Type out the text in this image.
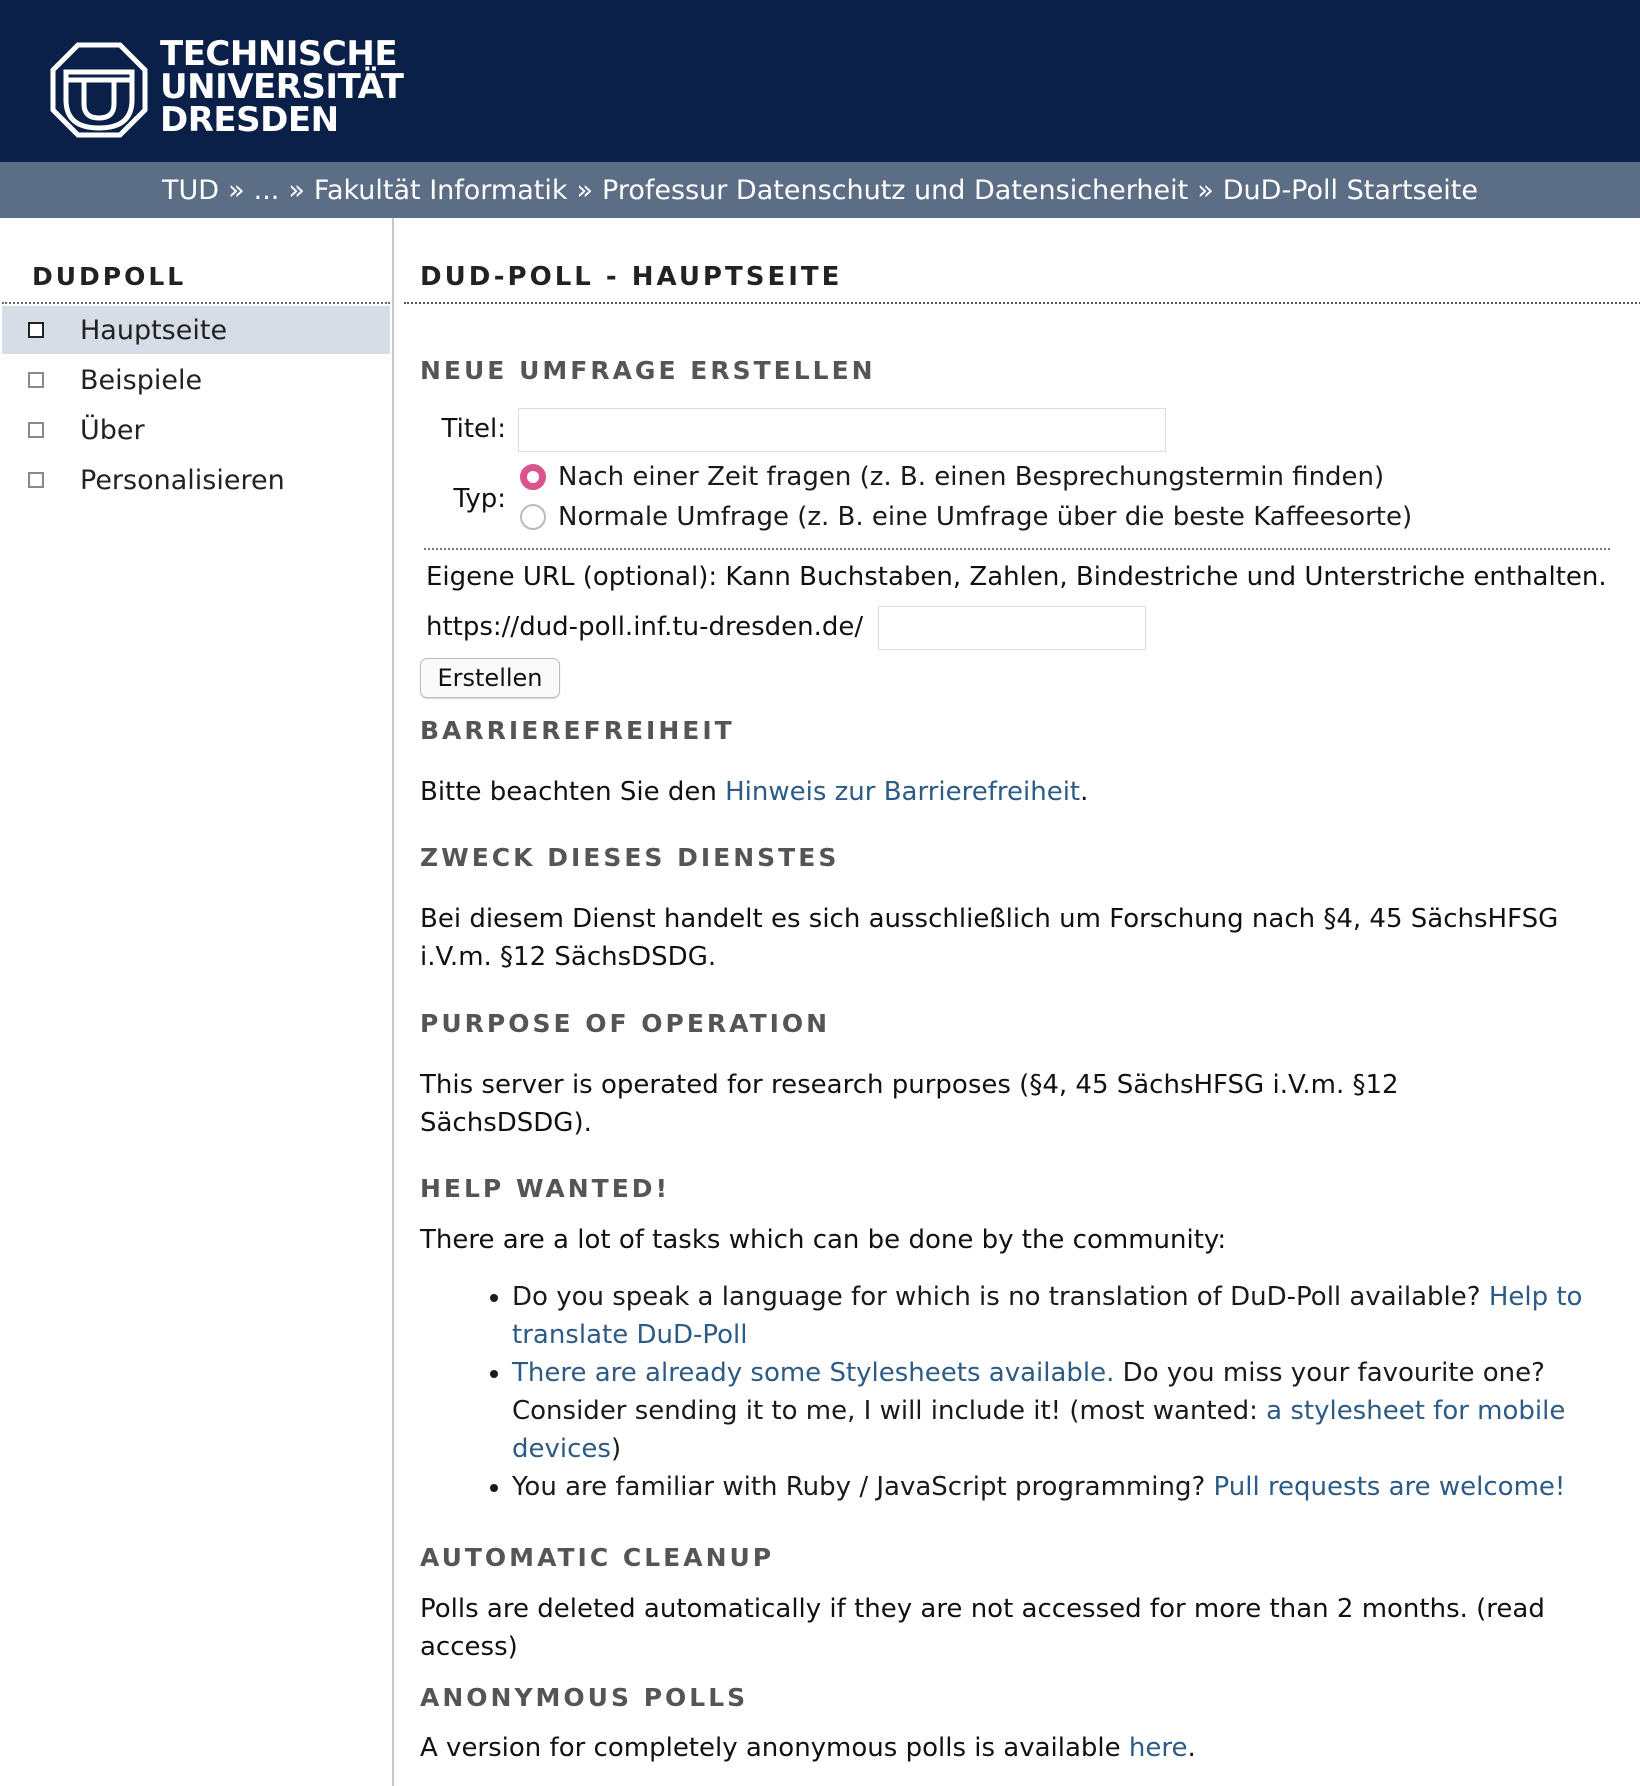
TECHNISCHE
UNIVERSITÄT
DRESDEN
TUD » ... » Fakultät Informatik » Professur Datenschutz und Datensicherheit » DuD-Poll Startseite
DUDPOLL
Hauptseite
Beispiele
Über
Personalisieren
DUD-POLL - HAUPTSEITE
NEUE UMFRAGE ERSTELLEN
Titel:
Typ:
Nach einer Zeit fragen (z. B. einen Besprechungstermin finden)
Normale Umfrage (z. B. eine Umfrage über die beste Kaffeesorte)
Eigene URL (optional): Kann Buchstaben, Zahlen, Bindestriche und Unterstriche enthalten.
https://dud-poll.inf.tu-dresden.de/
Erstellen
BARRIEREFREIHEIT
Bitte beachten Sie den Hinweis zur Barrierefreiheit.
ZWECK DIESES DIENSTES
Bei diesem Dienst handelt es sich ausschließlich um Forschung nach §4, 45 SächsHFSG i.V.m. §12 SächsDSDG.
PURPOSE OF OPERATION
This server is operated for research purposes (§4, 45 SächsHFSG i.V.m. §12 SächsDSDG).
HELP WANTED!
There are a lot of tasks which can be done by the community:
• Do you speak a language for which is no translation of DuD-Poll available? Help to translate DuD-Poll
• There are already some Stylesheets available. Do you miss your favourite one? Consider sending it to me, I will include it! (most wanted: a stylesheet for mobile devices)
• You are familiar with Ruby / JavaScript programming? Pull requests are welcome!
AUTOMATIC CLEANUP
Polls are deleted automatically if they are not accessed for more than 2 months. (read access)
ANONYMOUS POLLS
A version for completely anonymous polls is available here.
